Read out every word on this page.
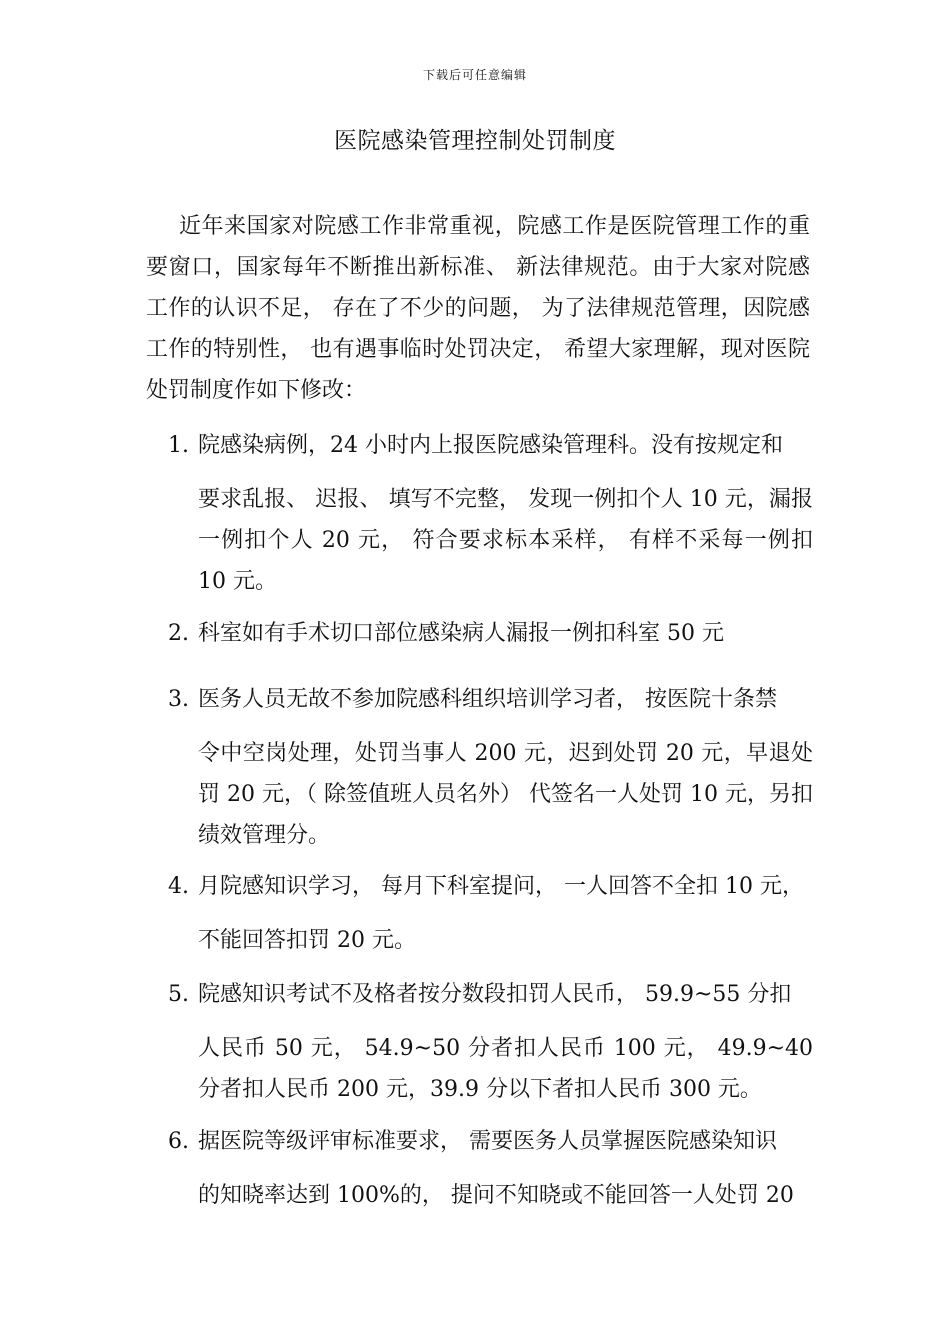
下载后可任意编辑
医院感染管理控制处罚制度
近年来国家对院感工作非常重视，院感工作是医院管理工作的重要窗口，国家每年不断推出新标准、 新法律规范。由于大家对院感工作的认识不足， 存在了不少的问题， 为了法律规范管理，因院感工作的特别性， 也有遇事临时处罚决定， 希望大家理解，现对医院处罚制度作如下修改：
1. 院感染病例，24 小时内上报医院感染管理科。没有按规定和
要求乱报、 迟报、 填写不完整， 发现一例扣个人 10 元，漏报一例扣个人 20 元， 符合要求标本采样， 有样不采每一例扣 10 元。
2. 科室如有手术切口部位感染病人漏报一例扣科室 50 元
3. 医务人员无故不参加院感科组织培训学习者， 按医院十条禁
令中空岗处理，处罚当事人 200 元，迟到处罚 20 元，早退处罚 20 元，（ 除签值班人员名外） 代签名一人处罚 10 元，另扣绩效管理分。
4. 月院感知识学习， 每月下科室提问， 一人回答不全扣 10 元，
不能回答扣罚 20 元。
5. 院感知识考试不及格者按分数段扣罚人民币， 59.9~55 分扣
人民币 50 元， 54.9~50 分者扣人民币 100 元， 49.9~40 分者扣人民币 200 元，39.9 分以下者扣人民币 300 元。
6. 据医院等级评审标准要求， 需要医务人员掌握医院感染知识
的知晓率达到 100%的， 提问不知晓或不能回答一人处罚 20
